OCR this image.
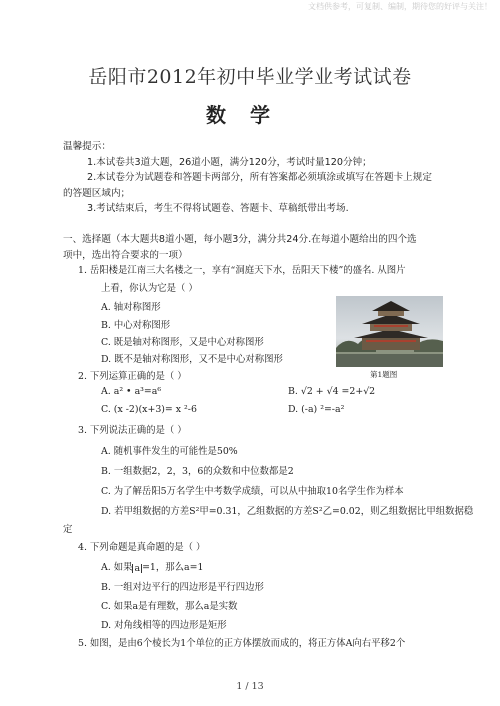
文档供参考，可复制、编制，期待您的好评与关注！
岳阳市2012年初中毕业学业考试试卷
数学
温馨提示：
1.本试卷共3道大题，26道小题，满分120分，考试时量120分钟；
2.本试卷分为试题卷和答题卡两部分，所有答案都必须填涂或填写在答题卡上规定
的答题区域内；
3.考试结束后，考生不得将试题卷、答题卡、草稿纸带出考场.
一、选择题（本大题共8道小题，每小题3分，满分共24分.在每道小题给出的四个选
项中，选出符合要求的一项）
1. 岳阳楼是江南三大名楼之一，享有“洞庭天下水，岳阳天下楼”的盛名. 从图片
上看，你认为它是（ ）
A. 轴对称图形
B. 中心对称图形
C. 既是轴对称图形，又是中心对称图形
D. 既不是轴对称图形，又不是中心对称图形
第1题图
2. 下列运算正确的是（ ）
A. a² • a³=a⁶	B. √2 + √4 =2+√2
C. (x -2)(x+3)= x ²-6	D. (-a) ²=-a²
3. 下列说法正确的是（ ）
A. 随机事件发生的可能性是50%
B. 一组数据2，2，3，6的众数和中位数都是2
C. 为了解岳阳5万名学生中考数学成绩，可以从中抽取10名学生作为样本
D. 若甲组数据的方差S²甲=0.31，乙组数据的方差S²乙=0.02，则乙组数据比甲组数据稳
定
4. 下列命题是真命题的是（ ）
A. 如果 a =1，那么a=1
B. 一组对边平行的四边形是平行四边形
C. 如果a是有理数，那么a是实数
D. 对角线相等的四边形是矩形
5. 如图，是由6个棱长为1个单位的正方体摆放而成的，将正方体A向右平移2个
1 / 13
